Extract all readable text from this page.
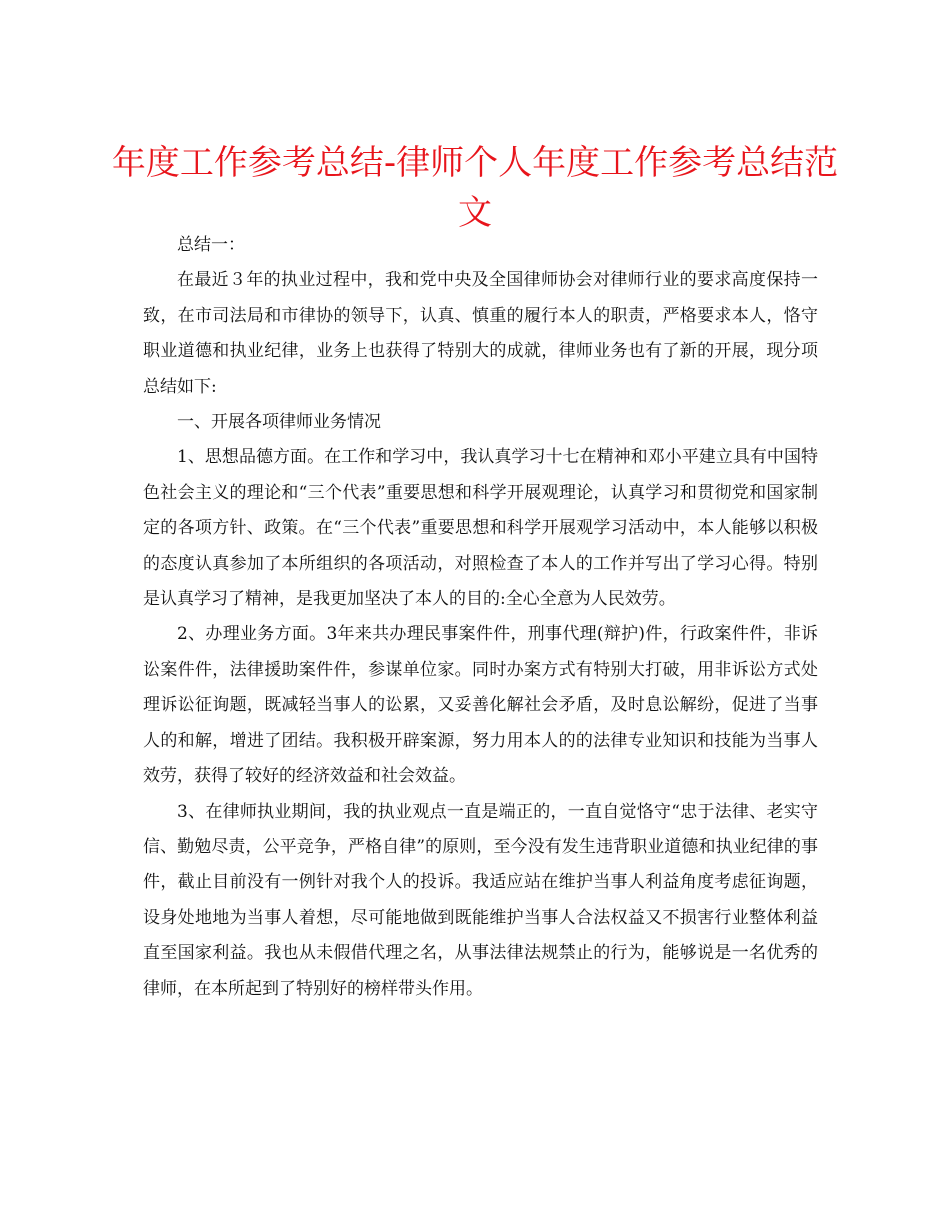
年度工作参考总结-律师个人年度工作参考总结范文

总结一：

在最近３年的执业过程中，我和党中央及全国律师协会对律师行业的要求高度保持一致，在市司法局和市律协的领导下，认真、慎重的履行本人的职责，严格要求本人，恪守职业道德和执业纪律，业务上也获得了特别大的成就，律师业务也有了新的开展，现分项总结如下:

一、开展各项律师业务情况

1、思想品德方面。在工作和学习中，我认真学习十七在精神和邓小平建立具有中国特色社会主义的理论和“三个代表”重要思想和科学开展观理论，认真学习和贯彻党和国家制定的各项方针、政策。在“三个代表”重要思想和科学开展观学习活动中，本人能够以积极的态度认真参加了本所组织的各项活动，对照检查了本人的工作并写出了学习心得。特别是认真学习了精神，是我更加坚决了本人的目的:全心全意为人民效劳。

2、办理业务方面。3年来共办理民事案件件，刑事代理(辩护)件，行政案件件，非诉讼案件件，法律援助案件件，参谋单位家。同时办案方式有特别大打破，用非诉讼方式处理诉讼征询题，既减轻当事人的讼累，又妥善化解社会矛盾，及时息讼解纷，促进了当事人的和解，增进了团结。我积极开辟案源，努力用本人的的法律专业知识和技能为当事人效劳，获得了较好的经济效益和社会效益。

3、在律师执业期间，我的执业观点一直是端正的，一直自觉恪守“忠于法律、老实守信、勤勉尽责，公平竞争，严格自律”的原则，至今没有发生违背职业道德和执业纪律的事件，截止目前没有一例针对我个人的投诉。我适应站在维护当事人利益角度考虑征询题，设身处地地为当事人着想，尽可能地做到既能维护当事人合法权益又不损害行业整体利益直至国家利益。我也从未假借代理之名，从事法律法规禁止的行为，能够说是一名优秀的律师，在本所起到了特别好的榜样带头作用。
